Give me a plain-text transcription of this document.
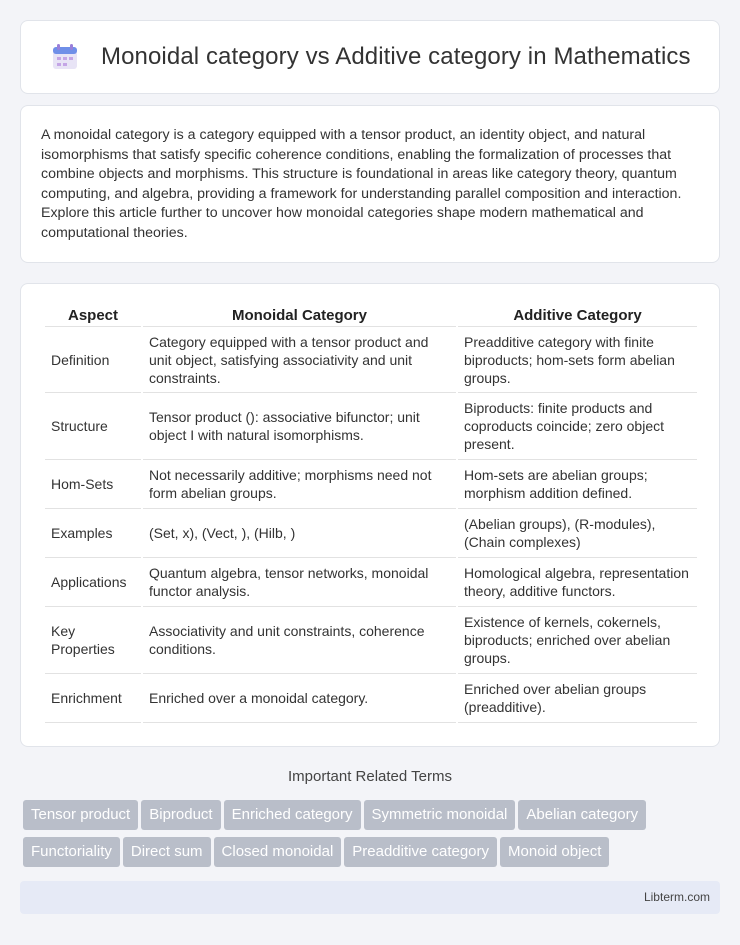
Monoidal category vs Additive category in Mathematics

A monoidal category is a category equipped with a tensor product, an identity object, and natural isomorphisms that satisfy specific coherence conditions, enabling the formalization of processes that combine objects and morphisms. This structure is foundational in areas like category theory, quantum computing, and algebra, providing a framework for understanding parallel composition and interaction. Explore this article further to uncover how monoidal categories shape modern mathematical and computational theories.

Aspect	Monoidal Category	Additive Category
Definition	Category equipped with a tensor product and unit object, satisfying associativity and unit constraints.	Preadditive category with finite biproducts; hom-sets form abelian groups.
Structure	Tensor product (): associative bifunctor; unit object I with natural isomorphisms.	Biproducts: finite products and coproducts coincide; zero object present.
Hom-Sets	Not necessarily additive; morphisms need not form abelian groups.	Hom-sets are abelian groups; morphism addition defined.
Examples	(Set, x), (Vect, ), (Hilb, )	(Abelian groups), (R-modules), (Chain complexes)
Applications	Quantum algebra, tensor networks, monoidal functor analysis.	Homological algebra, representation theory, additive functors.
Key Properties	Associativity and unit constraints, coherence conditions.	Existence of kernels, cokernels, biproducts; enriched over abelian groups.
Enrichment	Enriched over a monoidal category.	Enriched over abelian groups (preadditive).
Important Related Terms
Tensor product Biproduct Enriched category Symmetric monoidal Abelian category
Functoriality Direct sum Closed monoidal Preadditive category Monoid object
Libterm.com
